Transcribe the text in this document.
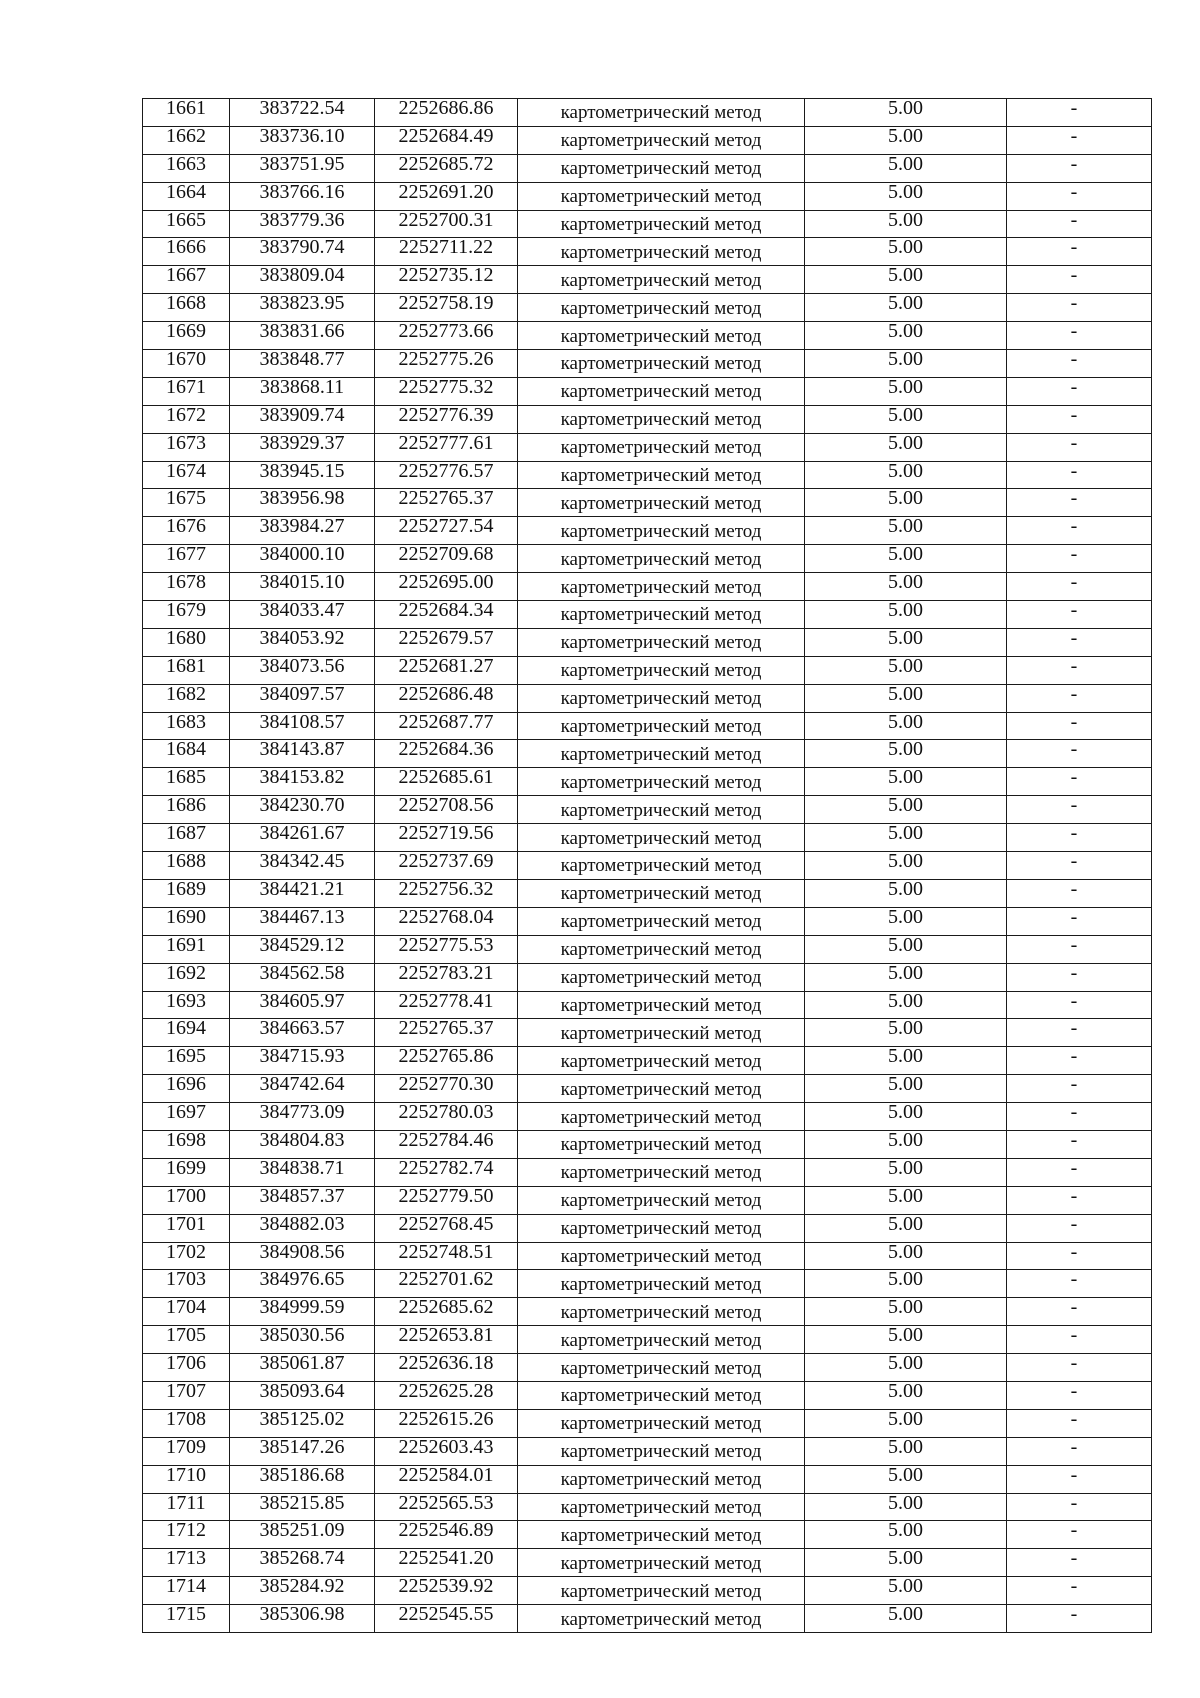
1661	383722.54	2252686.86	картометрический метод	5.00	-
1662	383736.10	2252684.49	картометрический метод	5.00	-
1663	383751.95	2252685.72	картометрический метод	5.00	-
1664	383766.16	2252691.20	картометрический метод	5.00	-
1665	383779.36	2252700.31	картометрический метод	5.00	-
1666	383790.74	2252711.22	картометрический метод	5.00	-
1667	383809.04	2252735.12	картометрический метод	5.00	-
1668	383823.95	2252758.19	картометрический метод	5.00	-
1669	383831.66	2252773.66	картометрический метод	5.00	-
1670	383848.77	2252775.26	картометрический метод	5.00	-
1671	383868.11	2252775.32	картометрический метод	5.00	-
1672	383909.74	2252776.39	картометрический метод	5.00	-
1673	383929.37	2252777.61	картометрический метод	5.00	-
1674	383945.15	2252776.57	картометрический метод	5.00	-
1675	383956.98	2252765.37	картометрический метод	5.00	-
1676	383984.27	2252727.54	картометрический метод	5.00	-
1677	384000.10	2252709.68	картометрический метод	5.00	-
1678	384015.10	2252695.00	картометрический метод	5.00	-
1679	384033.47	2252684.34	картометрический метод	5.00	-
1680	384053.92	2252679.57	картометрический метод	5.00	-
1681	384073.56	2252681.27	картометрический метод	5.00	-
1682	384097.57	2252686.48	картометрический метод	5.00	-
1683	384108.57	2252687.77	картометрический метод	5.00	-
1684	384143.87	2252684.36	картометрический метод	5.00	-
1685	384153.82	2252685.61	картометрический метод	5.00	-
1686	384230.70	2252708.56	картометрический метод	5.00	-
1687	384261.67	2252719.56	картометрический метод	5.00	-
1688	384342.45	2252737.69	картометрический метод	5.00	-
1689	384421.21	2252756.32	картометрический метод	5.00	-
1690	384467.13	2252768.04	картометрический метод	5.00	-
1691	384529.12	2252775.53	картометрический метод	5.00	-
1692	384562.58	2252783.21	картометрический метод	5.00	-
1693	384605.97	2252778.41	картометрический метод	5.00	-
1694	384663.57	2252765.37	картометрический метод	5.00	-
1695	384715.93	2252765.86	картометрический метод	5.00	-
1696	384742.64	2252770.30	картометрический метод	5.00	-
1697	384773.09	2252780.03	картометрический метод	5.00	-
1698	384804.83	2252784.46	картометрический метод	5.00	-
1699	384838.71	2252782.74	картометрический метод	5.00	-
1700	384857.37	2252779.50	картометрический метод	5.00	-
1701	384882.03	2252768.45	картометрический метод	5.00	-
1702	384908.56	2252748.51	картометрический метод	5.00	-
1703	384976.65	2252701.62	картометрический метод	5.00	-
1704	384999.59	2252685.62	картометрический метод	5.00	-
1705	385030.56	2252653.81	картометрический метод	5.00	-
1706	385061.87	2252636.18	картометрический метод	5.00	-
1707	385093.64	2252625.28	картометрический метод	5.00	-
1708	385125.02	2252615.26	картометрический метод	5.00	-
1709	385147.26	2252603.43	картометрический метод	5.00	-
1710	385186.68	2252584.01	картометрический метод	5.00	-
1711	385215.85	2252565.53	картометрический метод	5.00	-
1712	385251.09	2252546.89	картометрический метод	5.00	-
1713	385268.74	2252541.20	картометрический метод	5.00	-
1714	385284.92	2252539.92	картометрический метод	5.00	-
1715	385306.98	2252545.55	картометрический метод	5.00	-
